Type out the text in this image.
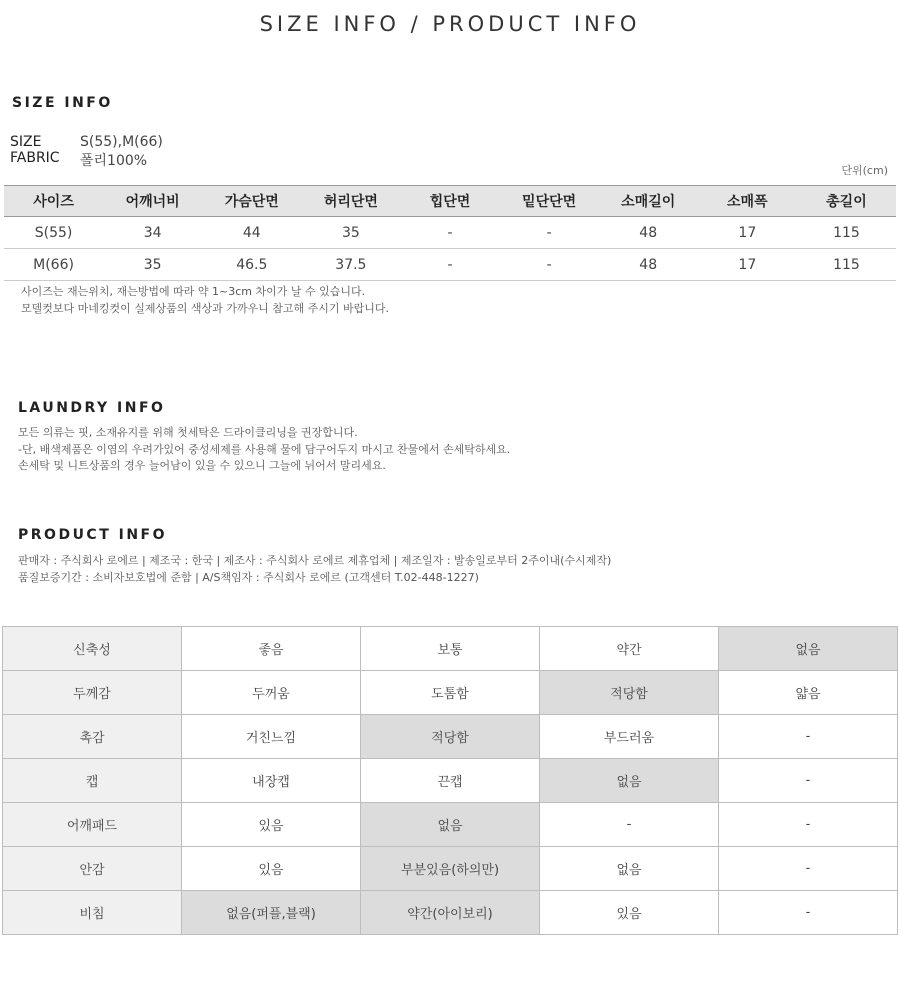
SIZE INFO / PRODUCT INFO
SIZE INFO
SIZE	S(55),M(66)
FABRIC 폴리100%
단위(cm)
사이즈	어깨너비	가슴단면	허리단면	힙단면	밑단단면	소매길이	소매폭	총길이
S(55)	34	44	35	-	-	48	17	115
M(66)	35	46.5	37.5	-	-	48	17	115
사이즈는 재는위치, 재는방법에 따라 약 1~3cm 차이가 날 수 있습니다.
모델컷보다 마네킹컷이 실제상품의 색상과 가까우니 참고해 주시기 바랍니다.
LAUNDRY INFO
모든 의류는 핏, 소재유지를 위해 첫세탁은 드라이클리닝을 권장합니다.
-단, 배색제품은 이염의 우려가있어 중성세제를 사용해 물에 담구어두지 마시고 찬물에서 손세탁하세요.
손세탁 및 니트상품의 경우 늘어남이 있을 수 있으니 그늘에 뉘어서 말리세요.
PRODUCT INFO
판매자 : 주식회사 로에르 | 제조국 : 한국 | 제조사 : 주식회사 로에르 제휴업체 | 제조일자 : 발송일로부터 2주이내(수시제작)
품질보증기간 : 소비자보호법에 준함 | A/S책임자 : 주식회사 로에르 (고객센터 T.02-448-1227)
신축성	좋음	보통	약간	없음
두께감	두꺼움	도톰함	적당함	얇음
촉감	거친느낌	적당함	부드러움	-
캡	내장캡	끈캡	없음	-
어깨패드	있음	없음	-	-
안감	있음	부분있음(하의만)	없음	-
비침	없음(퍼플,블랙)	약간(아이보리)	있음	-
